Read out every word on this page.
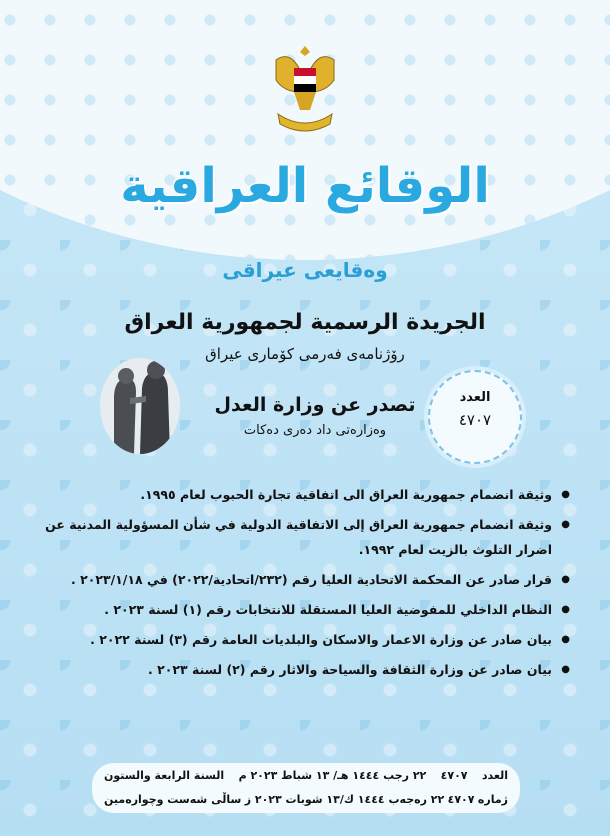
الوقائع العراقية
وەقايعی عيراقی
الجريدة الرسمية لجمهورية العراق
رۆژنامەی فەرمی کۆماری عیراق
تصدر عن وزارة العدل
وەزارەتی داد دەری دەکات
العدد
٤٧٠٧
● وثيقة انضمام جمهورية العراق الى اتفاقية تجارة الحبوب لعام ١٩٩٥.
● وثيقة انضمام جمهورية العراق إلى الاتفاقية الدولية في شأن المسؤولية المدنية عن اضرار التلوث بالزيت لعام ١٩٩٢.
● قرار صادر عن المحكمة الاتحادية العليا رقم (٢٣٢/اتحادية/٢٠٢٢) في ٢٠٢٣/١/١٨ .
● النظام الداخلي للمفوضية العليا المستقلة للانتخابات رقم (١) لسنة ٢٠٢٣ .
● بيان صادر عن وزارة الاعمار والاسكان والبلديات العامة رقم (٣) لسنة ٢٠٢٢ .
● بيان صادر عن وزارة الثقافة والسياحة والاثار رقم (٢) لسنة ٢٠٢٣ .
العدد
٤٧٠٧
٢٢ رجب ١٤٤٤ هـ/ ١٣ شباط ٢٠٢٣ م
السنة الرابعة والستون
ژمارە
٤٧٠٧
٢٢ رەجەب ١٤٤٤ ك/١٣ شوبات ٢٠٢٣ ز
ساڵی شەست وچوارەمین
